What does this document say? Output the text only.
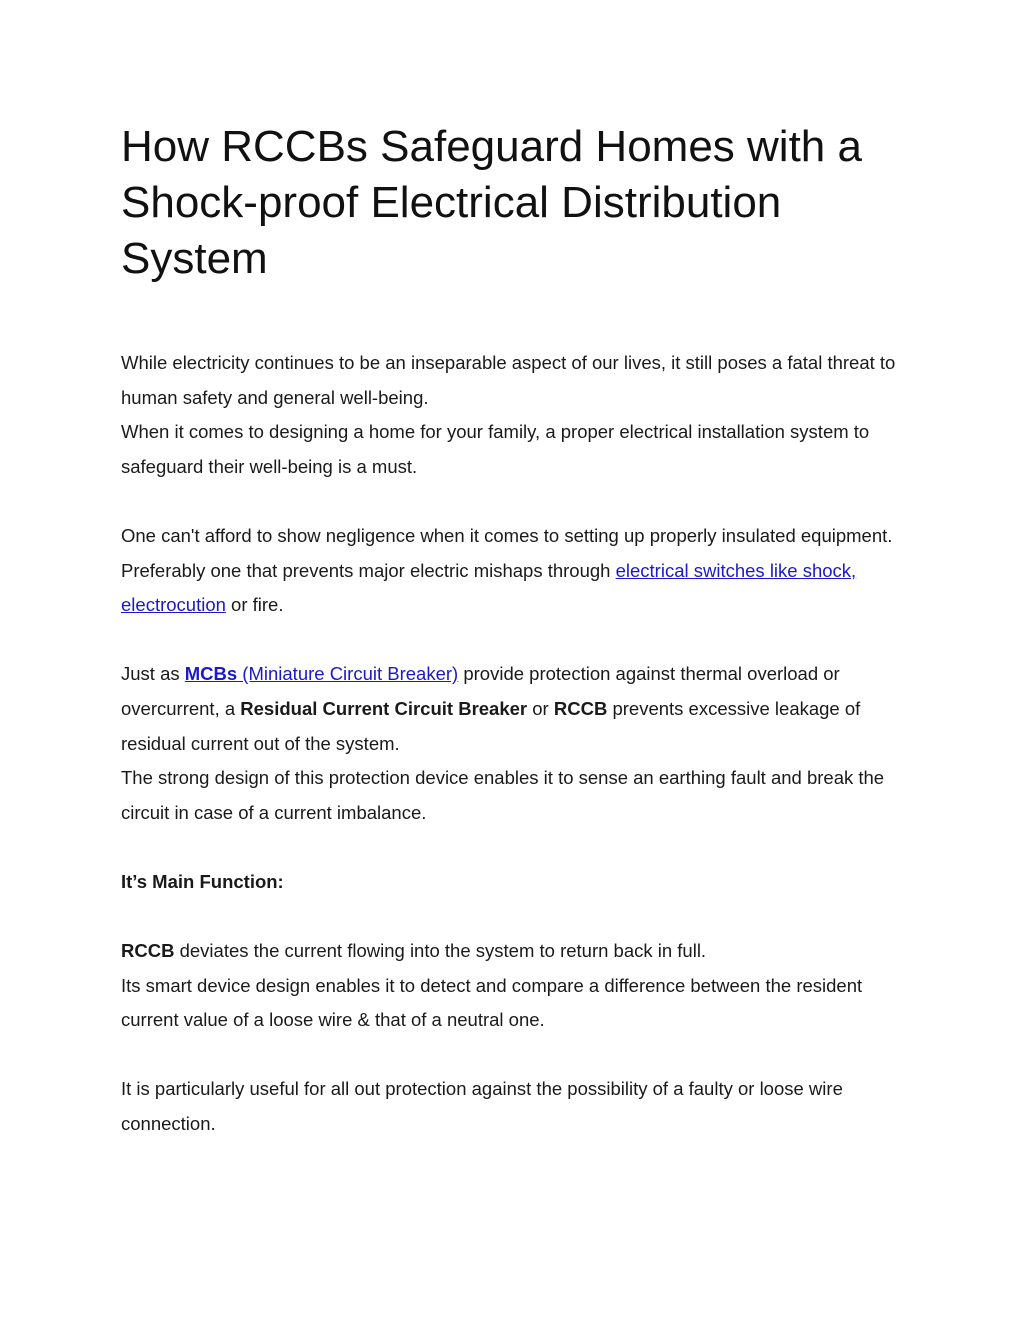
How RCCBs Safeguard Homes with a Shock-proof Electrical Distribution System

While electricity continues to be an inseparable aspect of our lives, it still poses a fatal threat to human safety and general well-being.

When it comes to designing a home for your family, a proper electrical installation system to safeguard their well-being is a must.

One can't afford to show negligence when it comes to setting up properly insulated equipment. Preferably one that prevents major electric mishaps through electrical switches like shock, electrocution or fire.

Just as MCBs (Miniature Circuit Breaker) provide protection against thermal overload or overcurrent, a Residual Current Circuit Breaker or RCCB prevents excessive leakage of residual current out of the system.

The strong design of this protection device enables it to sense an earthing fault and break the circuit in case of a current imbalance.

It’s Main Function:

RCCB deviates the current flowing into the system to return back in full.

Its smart device design enables it to detect and compare a difference between the resident current value of a loose wire & that of a neutral one.

It is particularly useful for all out protection against the possibility of a faulty or loose wire connection.
